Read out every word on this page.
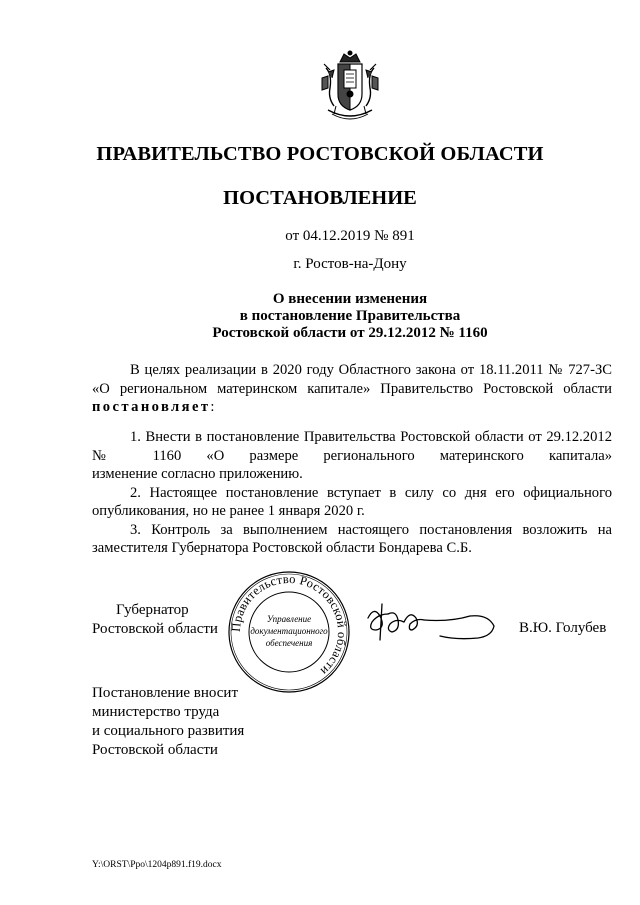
ПРАВИТЕЛЬСТВО РОСТОВСКОЙ ОБЛАСТИ
ПОСТАНОВЛЕНИЕ
от 04.12.2019 № 891
г. Ростов-на-Дону
О внесении изменения
в постановление Правительства
Ростовской области от 29.12.2012 № 1160
В целях реализации в 2020 году Областного закона от 18.11.2011 № 727-ЗС «О региональном материнском капитале» Правительство Ростовской области постановляет:

1. Внести в постановление Правительства Ростовской области от 29.12.2012 № 1160 «О размере регионального материнского капитала»

изменение согласно приложению.

2. Настоящее постановление вступает в силу со дня его официального опубликования, но не ранее 1 января 2020 г.

3. Контроль за выполнением настоящего постановления возложить на заместителя Губернатора Ростовской области Бондарева С.Б.

Губернатор
Ростовской области Правительство Ростовской области
Управление
документационного
обеспечения
В.Ю. Голубев
Постановление вносит
министерство труда
и социального развития
Ростовской области
Y:\ORST\Ppo\1204p891.f19.docx
